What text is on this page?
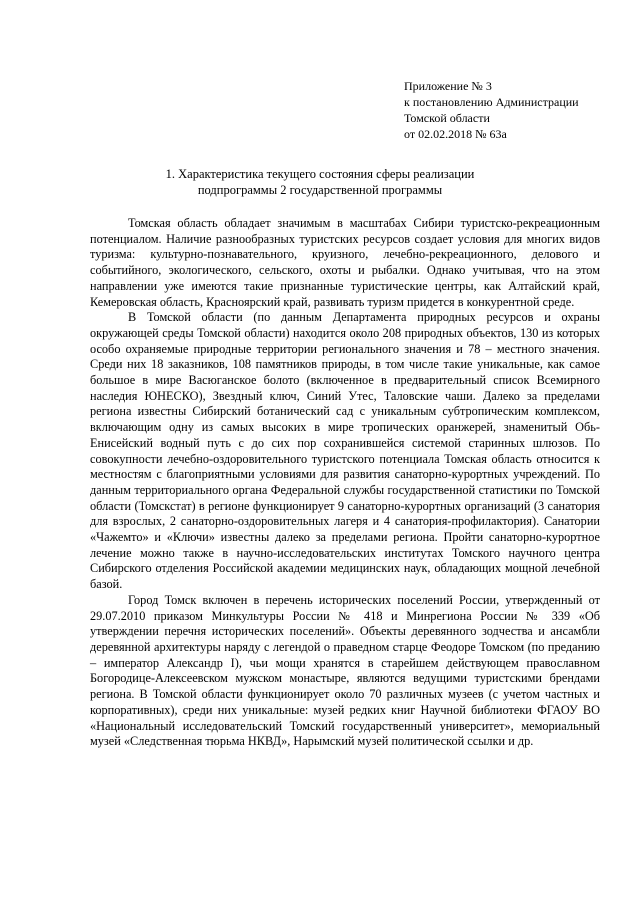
Приложение № 3
к постановлению Администрации
Томской области
от 02.02.2018 № 63а
1. Характеристика текущего состояния сферы реализации
подпрограммы 2 государственной программы

Томская область обладает значимым в масштабах Сибири туристско-рекреационным потенциалом. Наличие разнообразных туристских ресурсов создает условия для многих видов туризма: культурно-познавательного, круизного, лечебно-рекреационного, делового и событийного, экологического, сельского, охоты и рыбалки. Однако учитывая, что на этом направлении уже имеются такие признанные туристические центры, как Алтайский край, Кемеровская область, Красноярский край, развивать туризм придется в конкурентной среде.

В Томской области (по данным Департамента природных ресурсов и охраны окружающей среды Томской области) находится около 208 природных объектов, 130 из которых особо охраняемые природные территории регионального значения и 78 – местного значения. Среди них 18 заказников, 108 памятников природы, в том числе такие уникальные, как самое большое в мире Васюганское болото (включенное в предварительный список Всемирного наследия ЮНЕСКО), Звездный ключ, Синий Утес, Таловские чаши. Далеко за пределами региона известны Сибирский ботанический сад с уникальным субтропическим комплексом, включающим одну из самых высоких в мире тропических оранжерей, знаменитый Обь-Енисейский водный путь с до сих пор сохранившейся системой старинных шлюзов. По совокупности лечебно-оздоровительного туристского потенциала Томская область относится к местностям с благоприятными условиями для развития санаторно-курортных учреждений. По данным территориального органа Федеральной службы государственной статистики по Томской области (Томскстат) в регионе функционирует 9 санаторно-курортных организаций (3 санатория для взрослых, 2 санаторно-оздоровительных лагеря и 4 санатория-профилактория). Санатории «Чажемто» и «Ключи» известны далеко за пределами региона. Пройти санаторно-курортное лечение можно также в научно-исследовательских институтах Томского научного центра Сибирского отделения Российской академии медицинских наук, обладающих мощной лечебной базой.

Город Томск включен в перечень исторических поселений России, утвержденный от 29.07.2010 приказом Минкультуры России № 418 и Минрегиона России № 339 «Об утверждении перечня исторических поселений». Объекты деревянного зодчества и ансамбли деревянной архитектуры наряду с легендой о праведном старце Феодоре Томском (по преданию – император Александр I), чьи мощи хранятся в старейшем действующем православном Богородице-Алексеевском мужском монастыре, являются ведущими туристскими брендами региона. В Томской области функционирует около 70 различных музеев (с учетом частных и корпоративных), среди них уникальные: музей редких книг Научной библиотеки ФГАОУ ВО «Национальный исследовательский Томский государственный университет», мемориальный музей «Следственная тюрьма НКВД», Нарымский музей политической ссылки и др.
